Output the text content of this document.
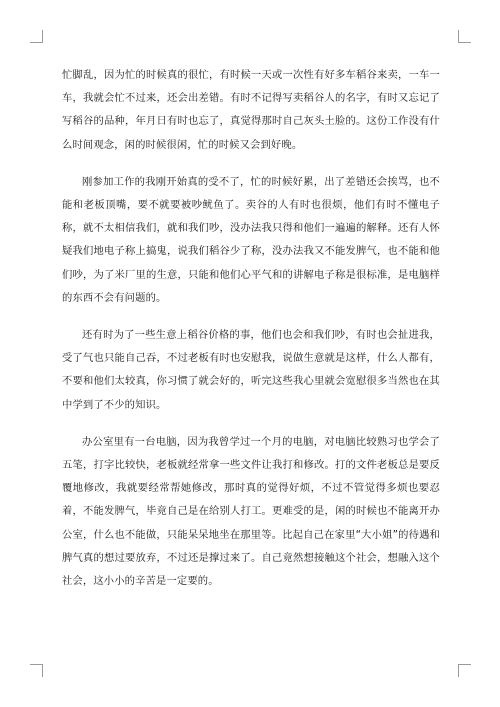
忙脚乱，因为忙的时候真的很忙，有时候一天或一次性有好多车稻谷来卖，一车一车，我就会忙不过来，还会出差错。有时不记得写卖稻谷人的名字，有时又忘记了写稻谷的品种，年月日有时也忘了，真觉得那时自己灰头土脸的。这份工作没有什么时间观念，闲的时候很闲，忙的时候又会到好晚。

刚参加工作的我刚开始真的受不了，忙的时候好累，出了差错还会挨骂，也不能和老板顶嘴，要不就要被吵鱿鱼了。卖谷的人有时也很烦，他们有时不懂电子称，就不太相信我们，就和我们吵，没办法我只得和他们一遍遍的解释。还有人怀疑我们地电子称上搞鬼，说我们稻谷少了称，没办法我又不能发脾气，也不能和他们吵，为了米厂里的生意，只能和他们心平气和的讲解电子称是很标准，是电脑样的东西不会有问题的。

还有时为了一些生意上稻谷价格的事，他们也会和我们吵，有时也会扯进我，受了气也只能自己吞，不过老板有时也安慰我，说做生意就是这样，什么人都有，不要和他们太较真，你习惯了就会好的，听完这些我心里就会宽慰很多当然也在其中学到了不少的知识。

办公室里有一台电脑，因为我曾学过一个月的电脑，对电脑比较熟习也学会了五笔，打字比较快，老板就经常拿一些文件让我打和修改。打的文件老板总是要反覆地修改，我就要经常帮她修改，那时真的觉得好烦，不过不管觉得多烦也要忍着，不能发脾气，毕竟自己是在给别人打工。更难受的是，闲的时候也不能离开办公室，什么也不能做，只能呆呆地坐在那里等。比起自己在家里“大小姐”的待遇和脾气真的想过要放弃，不过还是撑过来了。自己竟然想接触这个社会，想融入这个社会，这小小的辛苦是一定要的。
